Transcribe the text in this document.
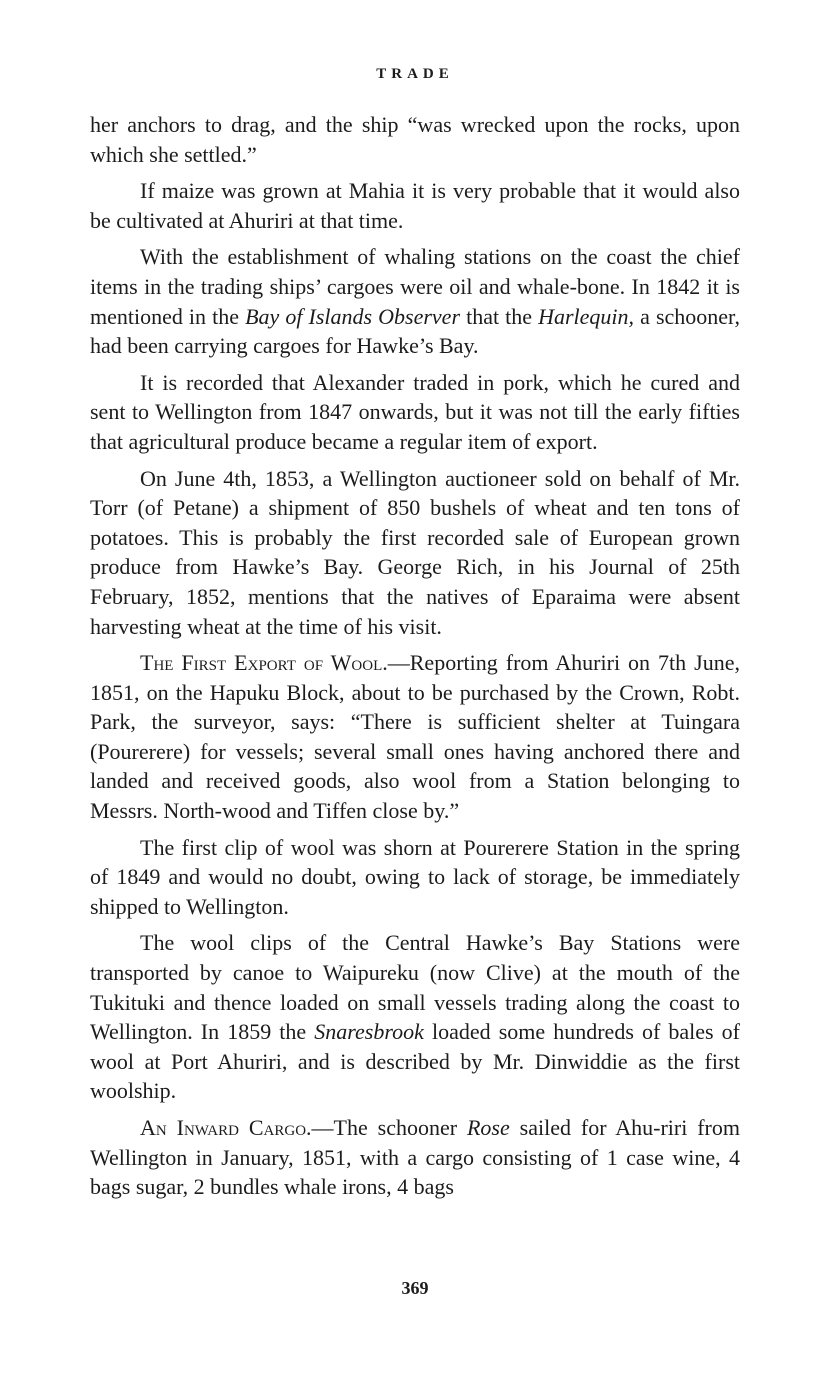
TRADE

her anchors to drag, and the ship “was wrecked upon the rocks, upon which she settled.”

If maize was grown at Mahia it is very probable that it would also be cultivated at Ahuriri at that time.

With the establishment of whaling stations on the coast the chief items in the trading ships’ cargoes were oil and whale-bone. In 1842 it is mentioned in the Bay of Islands Observer that the Harlequin, a schooner, had been carrying cargoes for Hawke’s Bay.

It is recorded that Alexander traded in pork, which he cured and sent to Wellington from 1847 onwards, but it was not till the early fifties that agricultural produce became a regular item of export.

On June 4th, 1853, a Wellington auctioneer sold on behalf of Mr. Torr (of Petane) a shipment of 850 bushels of wheat and ten tons of potatoes. This is probably the first recorded sale of European grown produce from Hawke’s Bay. George Rich, in his Journal of 25th February, 1852, mentions that the natives of Eparaima were absent harvesting wheat at the time of his visit.

The First Export of Wool.—Reporting from Ahuriri on 7th June, 1851, on the Hapuku Block, about to be purchased by the Crown, Robt. Park, the surveyor, says: “There is sufficient shelter at Tuingara (Pourerere) for vessels; several small ones having anchored there and landed and received goods, also wool from a Station belonging to Messrs. North-wood and Tiffen close by.”

The first clip of wool was shorn at Pourerere Station in the spring of 1849 and would no doubt, owing to lack of storage, be immediately shipped to Wellington.

The wool clips of the Central Hawke’s Bay Stations were transported by canoe to Waipureku (now Clive) at the mouth of the Tukituki and thence loaded on small vessels trading along the coast to Wellington. In 1859 the Snaresbrook loaded some hundreds of bales of wool at Port Ahuriri, and is described by Mr. Dinwiddie as the first woolship.

An Inward Cargo.—The schooner Rose sailed for Ahu-riri from Wellington in January, 1851, with a cargo consisting of 1 case wine, 4 bags sugar, 2 bundles whale irons, 4 bags

369
